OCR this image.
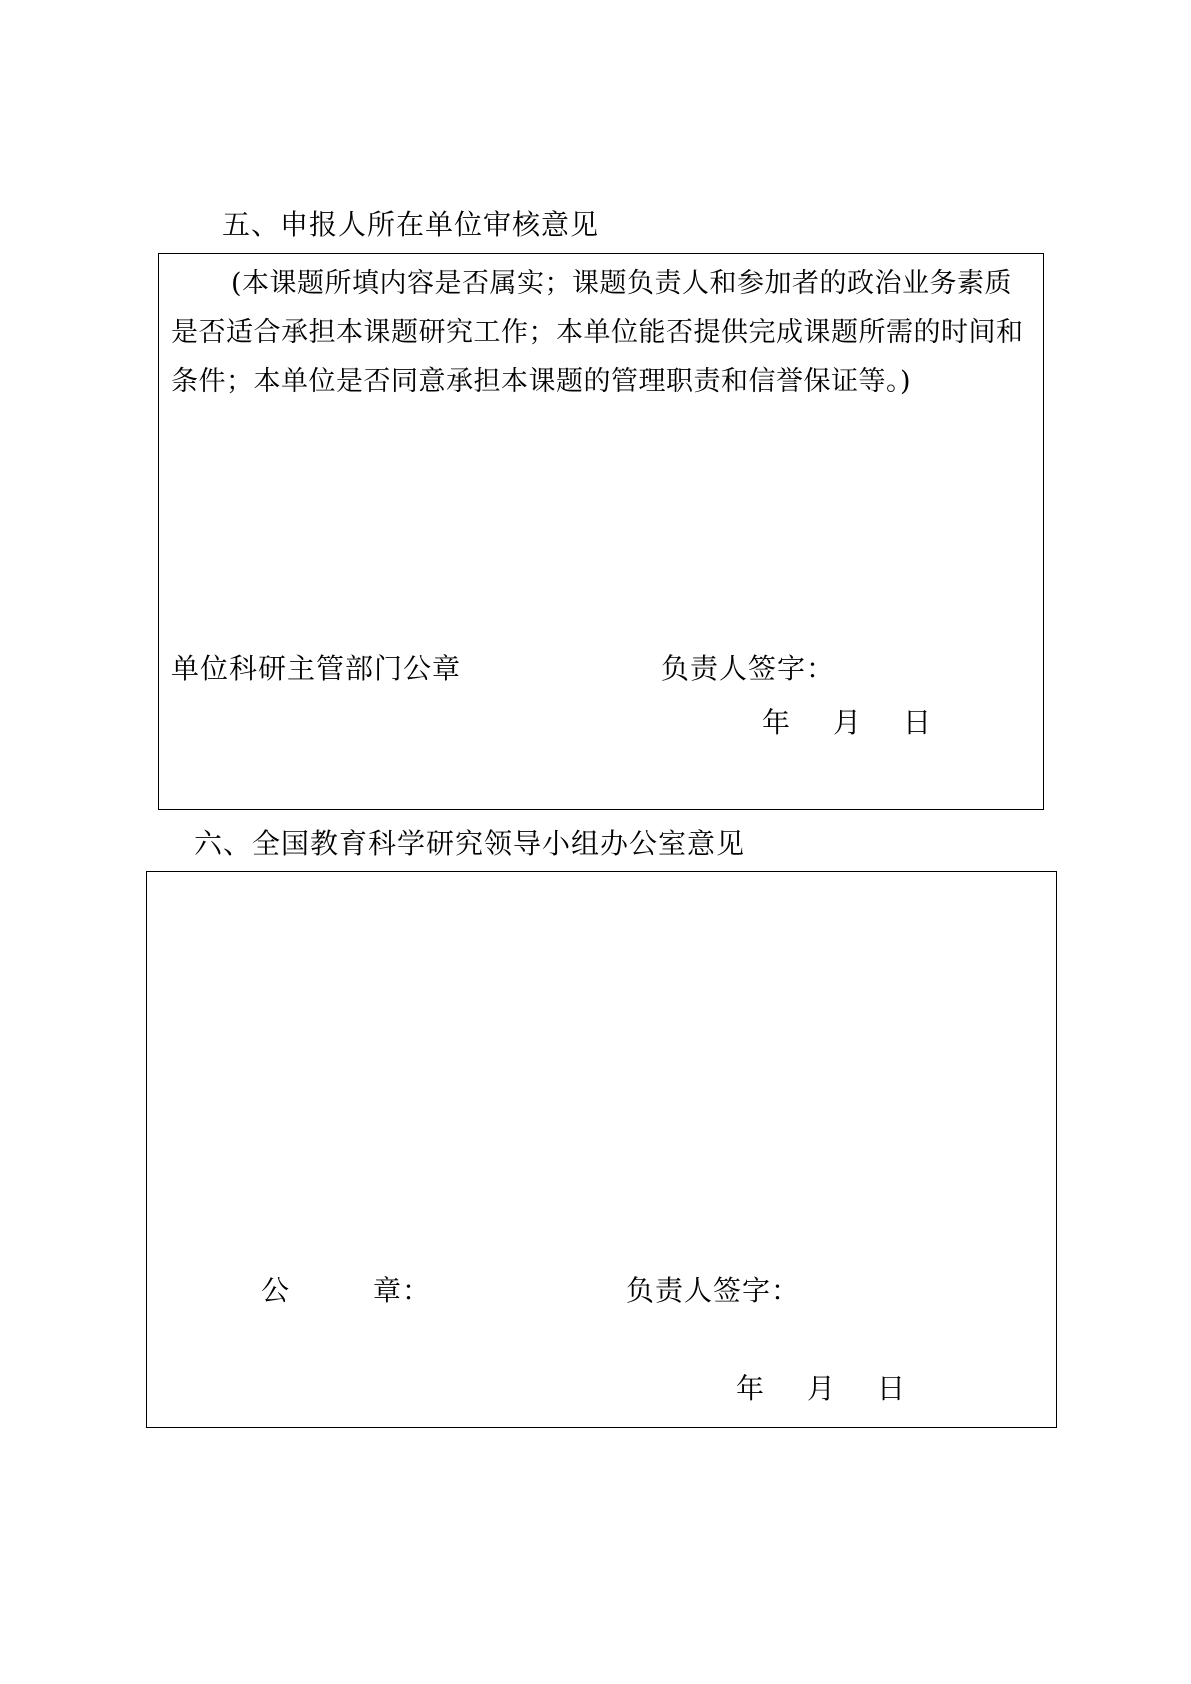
五、申报人所在单位审核意见
(本课题所填内容是否属实；课题负责人和参加者的政治业务素质
是否适合承担本课题研究工作；本单位能否提供完成课题所需的时间和
条件；本单位是否同意承担本课题的管理职责和信誉保证等。)
单位科研主管部门公章	负责人签字：
年 月 日
六、全国教育科学研究领导小组办公室意见
公	章：	负责人签字：
年 月 日
